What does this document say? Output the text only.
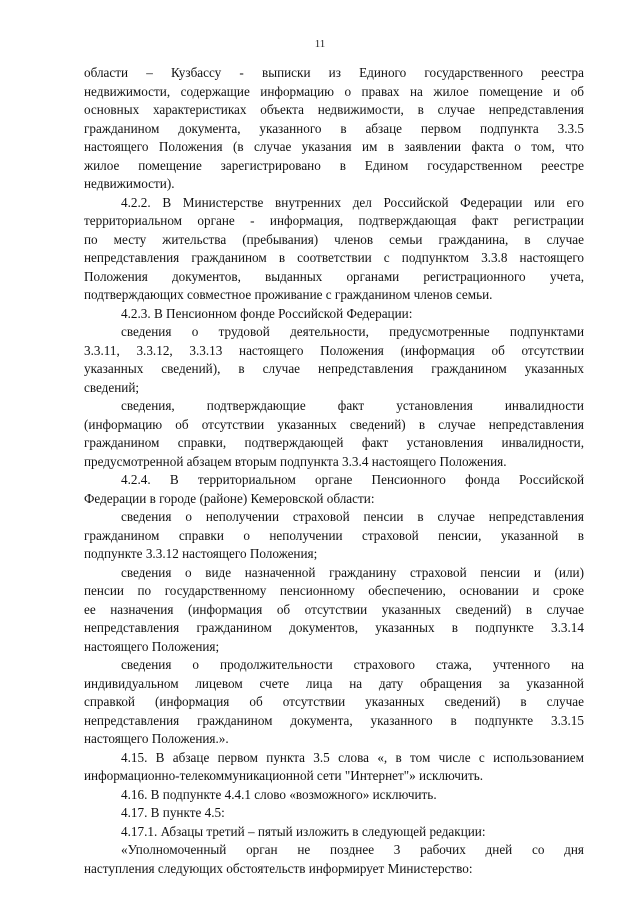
11
области – Кузбассу - выписки из Единого государственного реестра
недвижимости, содержащие информацию о правах на жилое помещение и об
основных характеристиках объекта недвижимости, в случае непредставления
гражданином документа, указанного в абзаце первом подпункта 3.3.5
настоящего Положения (в случае указания им в заявлении факта о том, что
жилое помещение зарегистрировано в Едином государственном реестре
недвижимости).
4.2.2. В Министерстве внутренних дел Российской Федерации или его
территориальном органе - информация, подтверждающая факт регистрации
по месту жительства (пребывания) членов семьи гражданина, в случае
непредставления гражданином в соответствии с подпунктом 3.3.8 настоящего
Положения документов, выданных органами регистрационного учета,
подтверждающих совместное проживание с гражданином членов семьи.
4.2.3. В Пенсионном фонде Российской Федерации:
сведения о трудовой деятельности, предусмотренные подпунктами
3.3.11, 3.3.12, 3.3.13 настоящего Положения (информация об отсутствии
указанных сведений), в случае непредставления гражданином указанных
сведений;
сведения, подтверждающие факт установления инвалидности
(информацию об отсутствии указанных сведений) в случае непредставления
гражданином справки, подтверждающей факт установления инвалидности,
предусмотренной абзацем вторым подпункта 3.3.4 настоящего Положения.
4.2.4. В территориальном органе Пенсионного фонда Российской
Федерации в городе (районе) Кемеровской области:
сведения о неполучении страховой пенсии в случае непредставления
гражданином справки о неполучении страховой пенсии, указанной в
подпункте 3.3.12 настоящего Положения;
сведения о виде назначенной гражданину страховой пенсии и (или)
пенсии по государственному пенсионному обеспечению, основании и сроке
ее назначения (информация об отсутствии указанных сведений) в случае
непредставления гражданином документов, указанных в подпункте 3.3.14
настоящего Положения;
сведения о продолжительности страхового стажа, учтенного на
индивидуальном лицевом счете лица на дату обращения за указанной
справкой (информация об отсутствии указанных сведений) в случае
непредставления гражданином документа, указанного в подпункте 3.3.15
настоящего Положения.».
4.15. В абзаце первом пункта 3.5 слова «, в том числе с использованием
информационно-телекоммуникационной сети "Интернет"» исключить.
4.16. В подпункте 4.4.1 слово «возможного» исключить.
4.17. В пункте 4.5:
4.17.1. Абзацы третий – пятый изложить в следующей редакции:
«Уполномоченный орган не позднее 3 рабочих дней со дня
наступления следующих обстоятельств информирует Министерство:
